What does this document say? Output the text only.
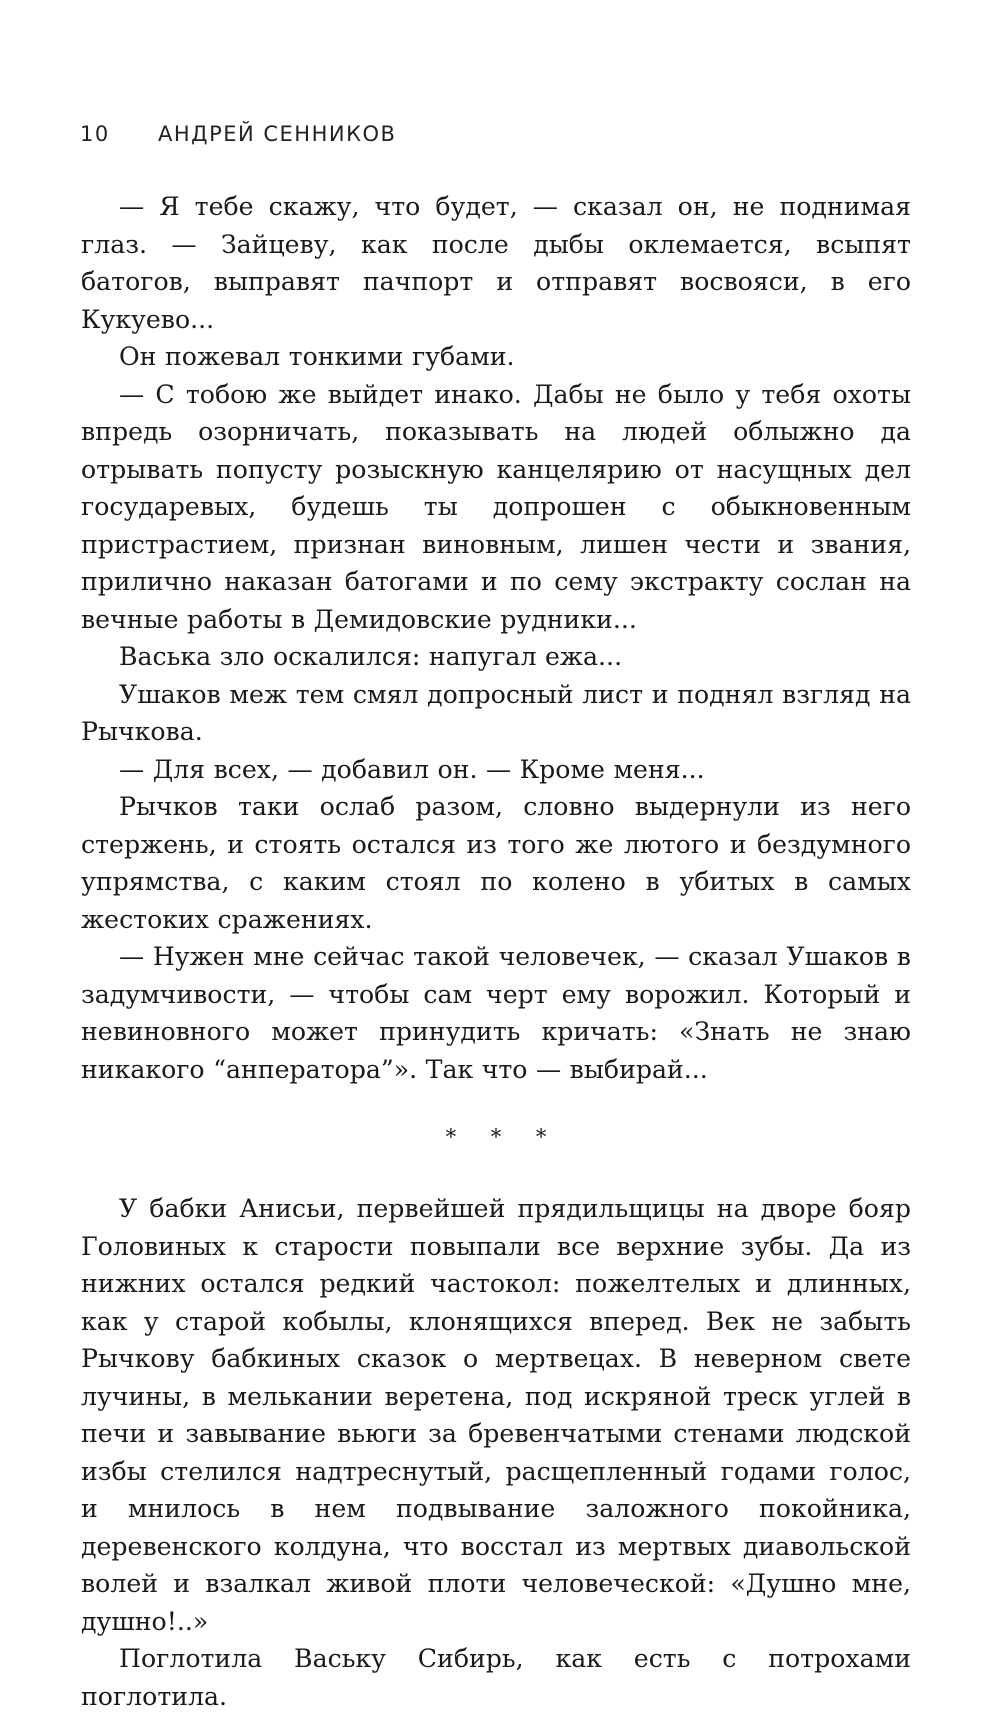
10	АНДРЕЙ СЕННИКОВ

— Я тебе скажу, что будет, — сказал он, не поднимая глаз. — Зайцеву, как после дыбы оклемается, всыпят батогов, выправят пачпорт и отправят восвояси, в его Кукуево...

Он пожевал тонкими губами.

— С тобою же выйдет инако. Дабы не было у тебя охоты впредь озорничать, показывать на людей облыжно да отрывать попусту розыскную канцелярию от насущных дел государевых, будешь ты допрошен с обыкновенным пристрастием, признан виновным, лишен чести и звания, прилично наказан батогами и по сему экстракту сослан на вечные работы в Демидовские рудники...

Васька зло оскалился: напугал ежа...

Ушаков меж тем смял допросный лист и поднял взгляд на Рычкова.

— Для всех, — добавил он. — Кроме меня...

Рычков таки ослаб разом, словно выдернули из него стержень, и стоять остался из того же лютого и бездумного упрямства, с каким стоял по колено в убитых в самых жестоких сражениях.

— Нужен мне сейчас такой человечек, — сказал Ушаков в задумчивости, — чтобы сам черт ему ворожил. Который и невиновного может принудить кричать: «Знать не знаю никакого “анператора”». Так что — выбирай...

* * *

У бабки Анисьи, первейшей прядильщицы на дворе бояр Головиных к старости повыпали все верхние зубы. Да из нижних остался редкий частокол: пожелтелых и длинных, как у старой кобылы, клонящихся вперед. Век не забыть Рычкову бабкиных сказок о мертвецах. В неверном свете лучины, в мелькании веретена, под искряной треск углей в печи и завывание вьюги за бревенчатыми стенами людской избы стелился надтреснутый, расщепленный годами голос, и мнилось в нем подвывание заложного покойника, деревенского колдуна, что восстал из мертвых диавольской волей и взалкал живой плоти человеческой: «Душно мне, душно!..»

Поглотила Ваську Сибирь, как есть с потрохами поглотила.
